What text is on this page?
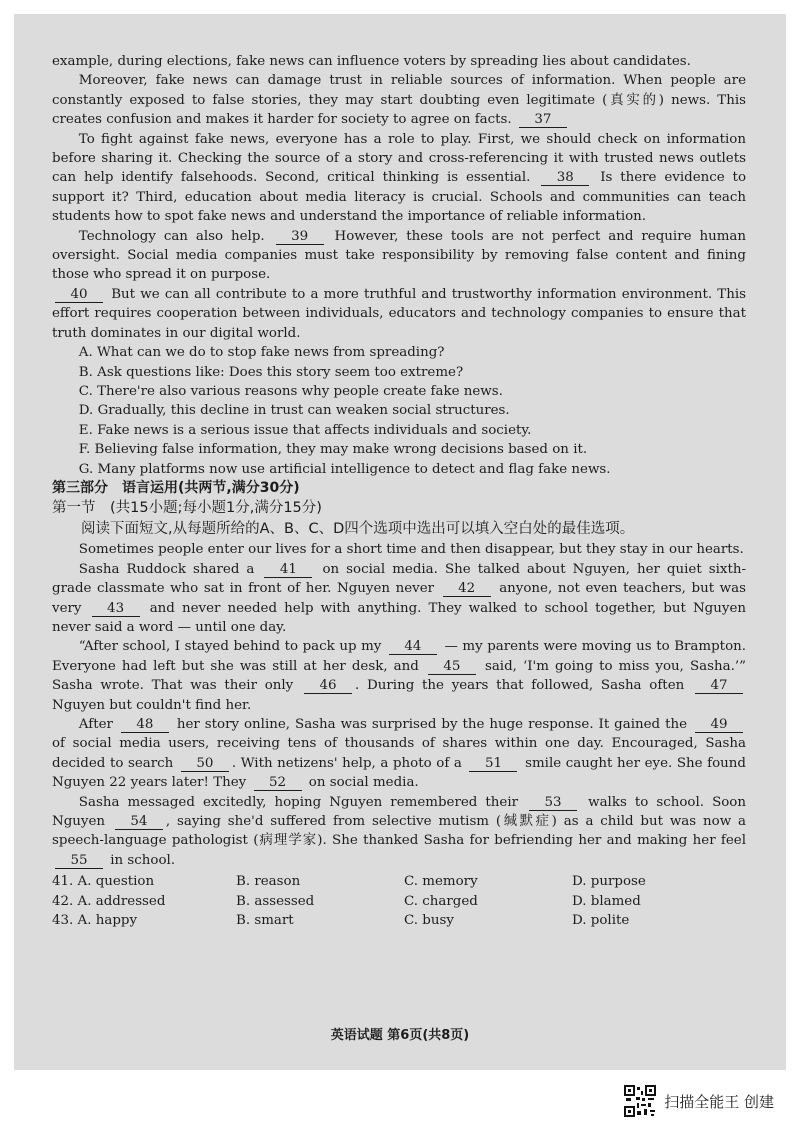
example, during elections, fake news can influence voters by spreading lies about candidates.

Moreover, fake news can damage trust in reliable sources of information. When people are constantly exposed to false stories, they may start doubting even legitimate (真实的) news. This creates confusion and makes it harder for society to agree on facts. 37

To fight against fake news, everyone has a role to play. First, we should check on information before sharing it. Checking the source of a story and cross-referencing it with trusted news outlets can help identify falsehoods. Second, critical thinking is essential. 38 Is there evidence to support it? Third, education about media literacy is crucial. Schools and communities can teach students how to spot fake news and understand the importance of reliable information.

Technology can also help. 39 However, these tools are not perfect and require human oversight. Social media companies must take responsibility by removing false content and fining those who spread it on purpose.

40 But we can all contribute to a more truthful and trustworthy information environment. This effort requires cooperation between individuals, educators and technology companies to ensure that truth dominates in our digital world.

A. What can we do to stop fake news from spreading?

B. Ask questions like: Does this story seem too extreme?

C. There're also various reasons why people create fake news.

D. Gradually, this decline in trust can weaken social structures.

E. Fake news is a serious issue that affects individuals and society.

F. Believing false information, they may make wrong decisions based on it.

G. Many platforms now use artificial intelligence to detect and flag fake news.

第三部分　语言运用(共两节,满分30分)

第一节　(共15小题;每小题1分,满分15分)

阅读下面短文,从每题所给的A、B、C、D四个选项中选出可以填入空白处的最佳选项。

Sometimes people enter our lives for a short time and then disappear, but they stay in our hearts.

Sasha Ruddock shared a 41 on social media. She talked about Nguyen, her quiet sixth-grade classmate who sat in front of her. Nguyen never 42 anyone, not even teachers, but was very 43 and never needed help with anything. They walked to school together, but Nguyen never said a word — until one day.

“After school, I stayed behind to pack up my 44 — my parents were moving us to Brampton. Everyone had left but she was still at her desk, and 45 said, ‘I'm going to miss you, Sasha.’” Sasha wrote. That was their only 46 . During the years that followed, Sasha often 47 Nguyen but couldn't find her.

After 48 her story online, Sasha was surprised by the huge response. It gained the 49 of social media users, receiving tens of thousands of shares within one day. Encouraged, Sasha decided to search 50 . With netizens' help, a photo of a 51 smile caught her eye. She found Nguyen 22 years later! They 52 on social media.

Sasha messaged excitedly, hoping Nguyen remembered their 53 walks to school. Soon Nguyen 54 , saying she'd suffered from selective mutism (缄默症) as a child but was now a speech-language pathologist (病理学家). She thanked Sasha for befriending her and making her feel 55 in school.

41. A. question	B. reason	C. memory	D. purpose
42. A. addressed	B. assessed	C. charged	D. blamed
43. A. happy	B. smart	C. busy	D. polite
英语试题 第6页(共8页)
扫描全能王 创建
